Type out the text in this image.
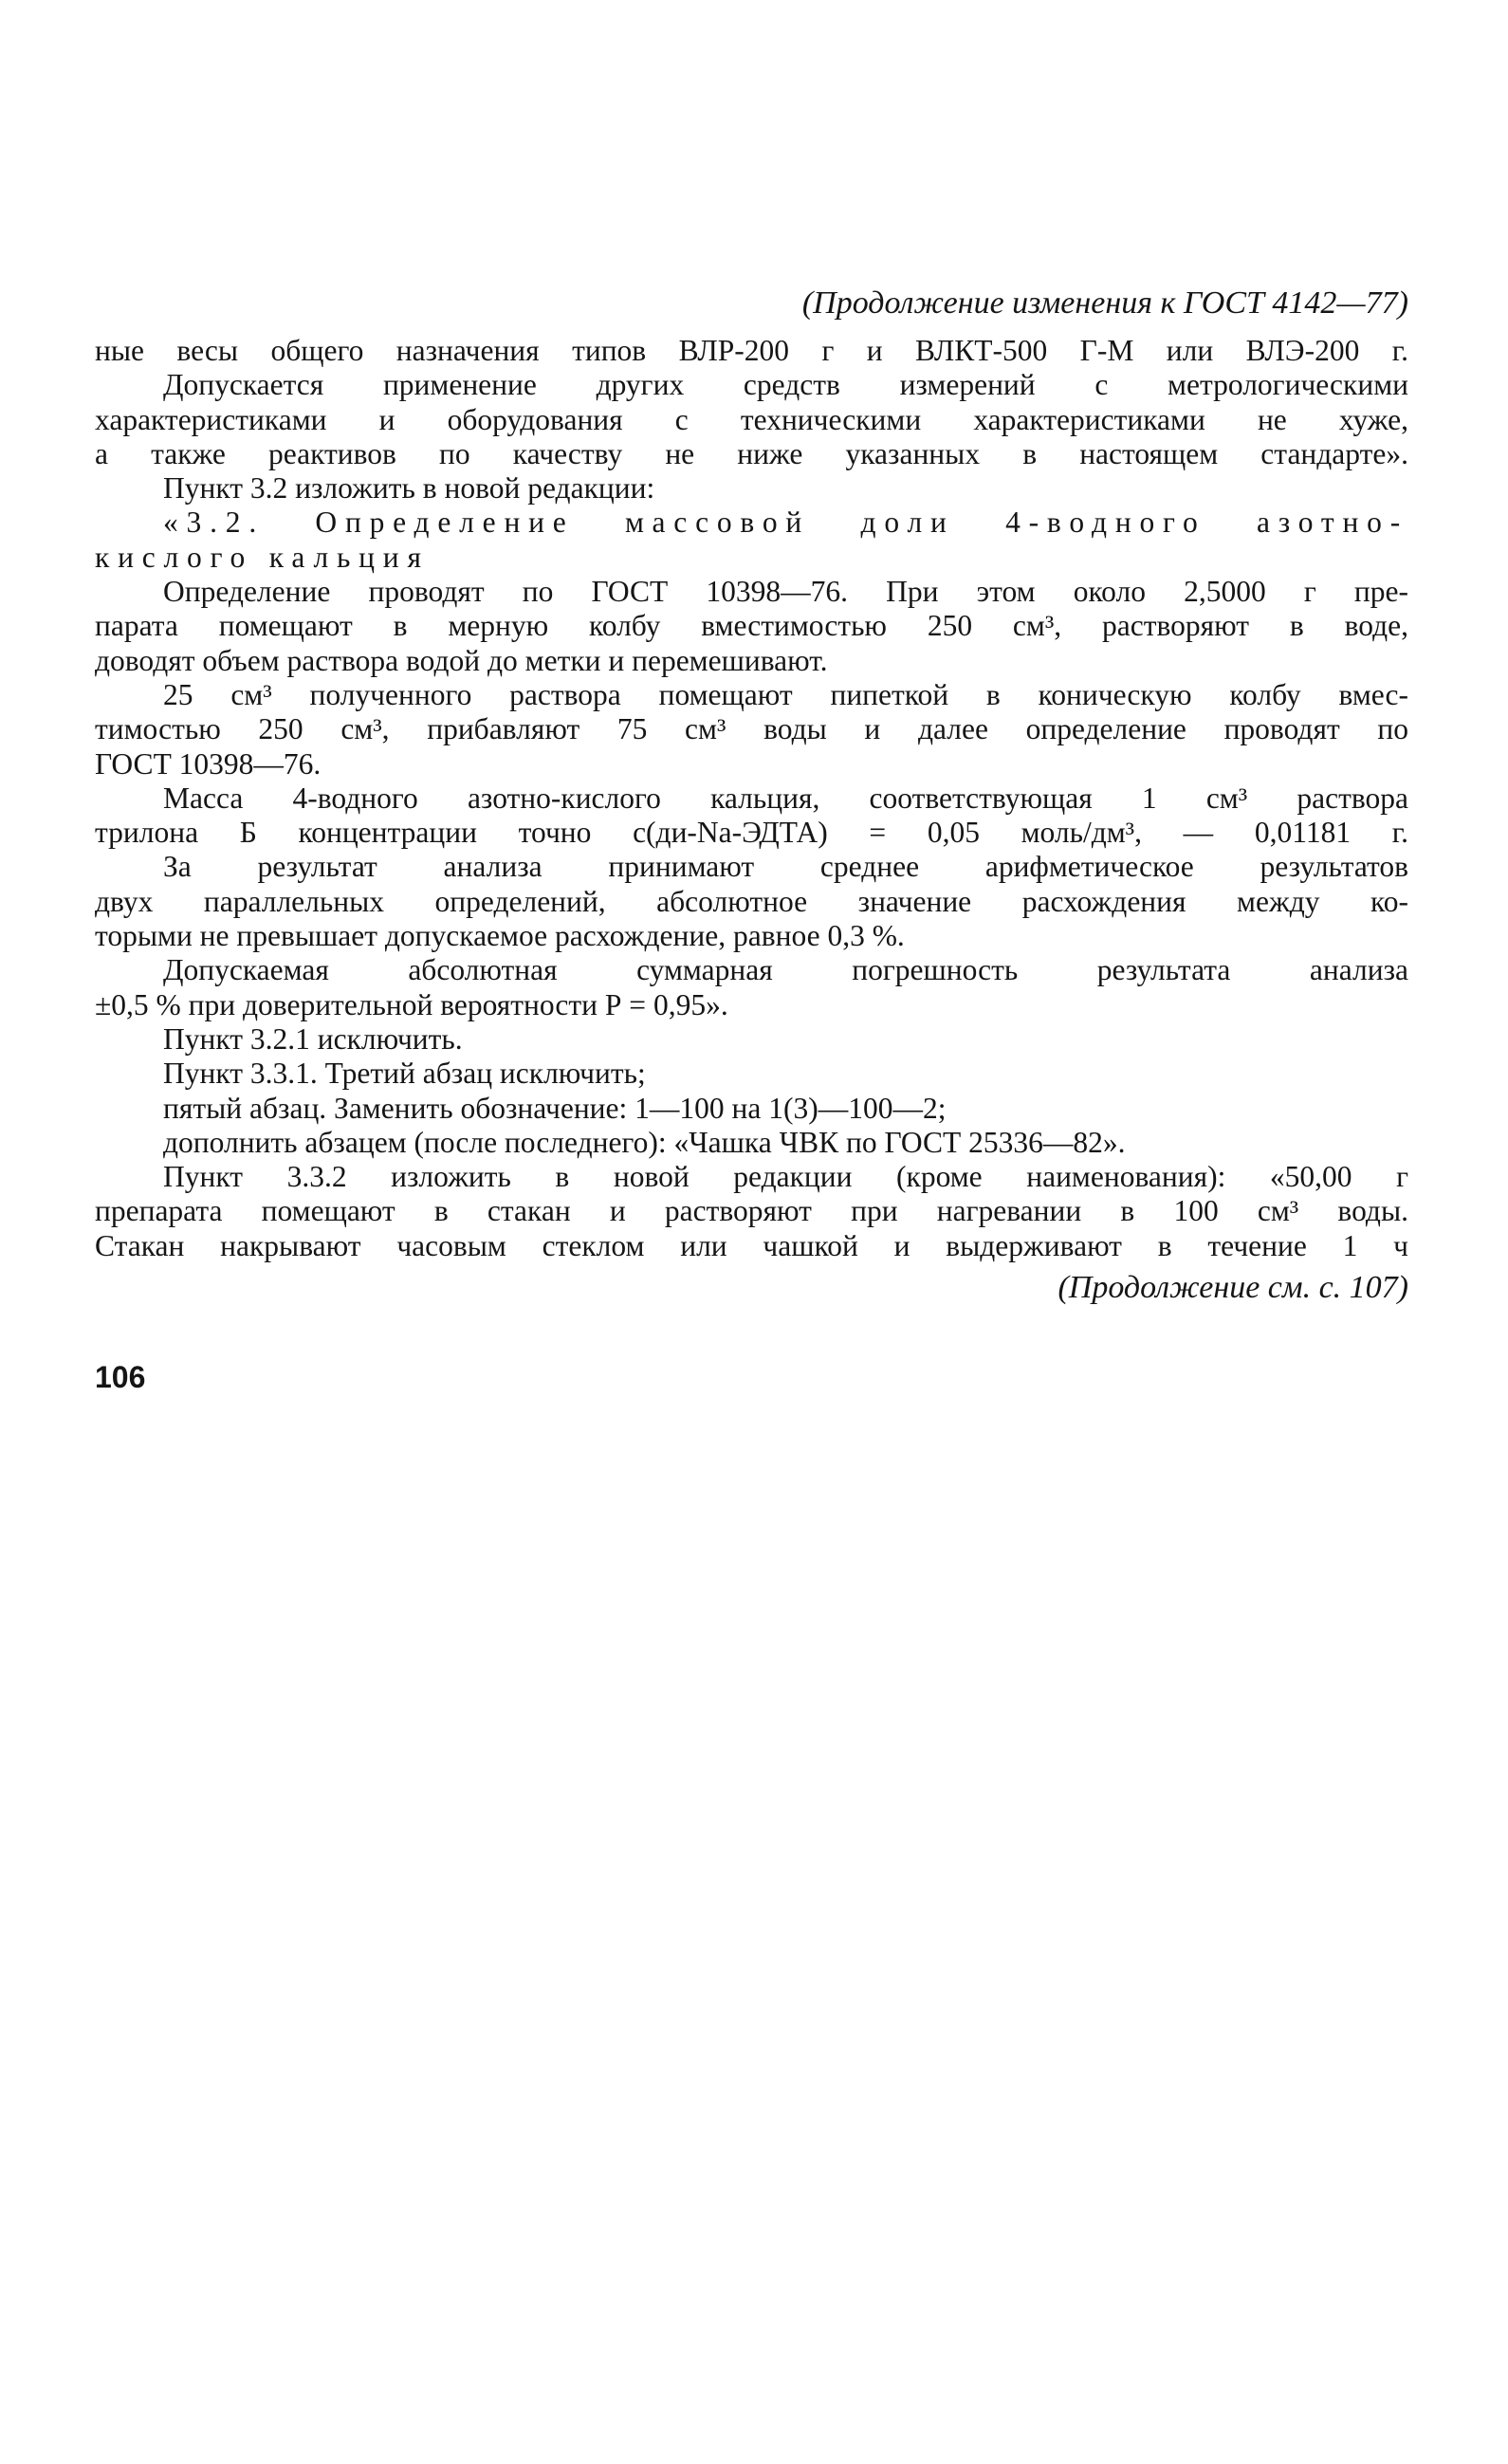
(Продолжение изменения к ГОСТ 4142—77)
ные весы общего назначения типов ВЛР-200 г и ВЛКТ-500 Г-М или ВЛЭ-200 г.
Допускается применение других средств измерений с метрологическими
характеристиками и оборудования с техническими характеристиками не хуже,
а также реактивов по качеству не ниже указанных в настоящем стандарте».
Пункт 3.2 изложить в новой редакции:
«3.2. Определение массовой доли 4-водного азотно-
кислого кальция
Определение проводят по ГОСТ 10398—76. При этом около 2,5000 г пре-
парата помещают в мерную колбу вместимостью 250 см³, растворяют в воде,
доводят объем раствора водой до метки и перемешивают.
25 см³ полученного раствора помещают пипеткой в коническую колбу вмес-
тимостью 250 см³, прибавляют 75 см³ воды и далее определение проводят по
ГОСТ 10398—76.
Масса 4-водного азотно-кислого кальция, соответствующая 1 см³ раствора
трилона Б концентрации точно с(ди-Na-ЭДТА) = 0,05 моль/дм³, — 0,01181 г.
За результат анализа принимают среднее арифметическое результатов
двух параллельных определений, абсолютное значение расхождения между ко-
торыми не превышает допускаемое расхождение, равное 0,3 %.
Допускаемая абсолютная суммарная погрешность результата анализа
±0,5 % при доверительной вероятности Р = 0,95».
Пункт 3.2.1 исключить.
Пункт 3.3.1. Третий абзац исключить;
пятый абзац. Заменить обозначение: 1—100 на 1(3)—100—2;
дополнить абзацем (после последнего): «Чашка ЧВК по ГОСТ 25336—82».
Пункт 3.3.2 изложить в новой редакции (кроме наименования): «50,00 г
препарата помещают в стакан и растворяют при нагревании в 100 см³ воды.
Стакан накрывают часовым стеклом или чашкой и выдерживают в течение 1 ч
(Продолжение см. с. 107)
106
